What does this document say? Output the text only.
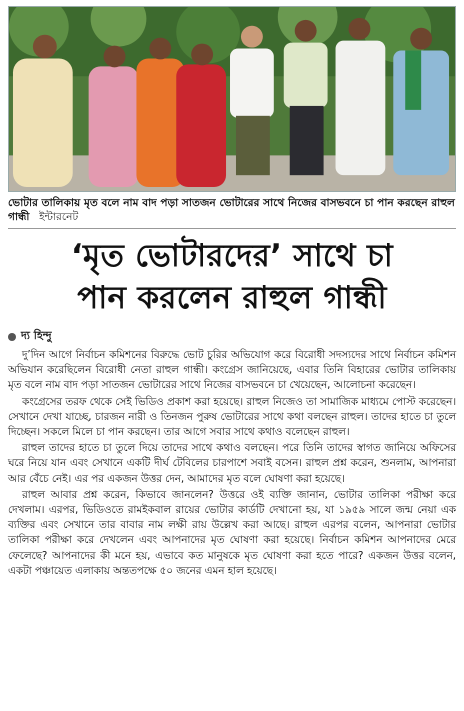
ভোটার তালিকায় মৃত বলে নাম বাদ পড়া সাতজন ভোটারের সাথে নিজের বাসভবনে চা পান করছেন রাহুল গান্ধী ইন্টারনেট
‘মৃত ভোটারদের’ সাথে চা
পান করলেন রাহুল গান্ধী
দ্য হিন্দু

দু’দিন আগে নির্বাচন কমিশনের বিরুদ্ধে ভোট চুরির অভিযোগ করে বিরোধী সদস্যদের সাথে নির্বাচন কমিশন অভিযান করেছিলেন বিরোধী নেতা রাহুল গান্ধী। কংগ্রেস জানিয়েছে, এবার তিনি বিহারের ভোটার তালিকায় মৃত বলে নাম বাদ পড়া সাতজন ভোটারের সাথে নিজের বাসভবনে চা খেয়েছেন, আলোচনা করেছেন।

কংগ্রেসের তরফ থেকে সেই ভিডিও প্রকাশ করা হয়েছে। রাহুল নিজেও তা সামাজিক মাধ্যমে পোস্ট করেছেন। সেখানে দেখা যাচ্ছে, চারজন নারী ও তিনজন পুরুষ ভোটারের সাথে কথা বলছেন রাহুল। তাদের হাতে চা তুলে দিচ্ছেন। সকলে মিলে চা পান করছেন। তার আগে সবার সাথে কথাও বলেছেন রাহুল।

রাহুল তাদের হাতে চা তুলে দিয়ে তাদের সাথে কথাও বলছেন। পরে তিনি তাদের স্বাগত জানিয়ে অফিসের ঘরে নিয়ে যান এবং সেখানে একটি দীর্ঘ টেবিলের চারপাশে সবাই বসেন। রাহুল প্রশ্ন করেন, শুনলাম, আপনারা আর বেঁচে নেই। এর পর একজন উত্তর দেন, আমাদের মৃত বলে ঘোষণা করা হয়েছে।

রাহুল আবার প্রশ্ন করেন, কিভাবে জানলেন? উত্তরে ওই ব্যক্তি জানান, ভোটার তালিকা পরীক্ষা করে দেখলাম। এরপর, ভিডিওতে রামইকবাল রায়ের ভোটার কার্ডটি দেখানো হয়, যা ১৯৫৯ সালে জন্ম নেয়া এক ব্যক্তির এবং সেখানে তার বাবার নাম লক্ষী রায় উল্লেখ করা আছে। রাহুল এরপর বলেন, আপনারা ভোটার তালিকা পরীক্ষা করে দেখলেন এবং আপনাদের মৃত ঘোষণা করা হয়েছে। নির্বাচন কমিশন আপনাদের মেরে ফেলেছে? আপনাদের কী মনে হয়, এভাবে কত মানুষকে মৃত ঘোষণা করা হতে পারে? একজন উত্তর বলেন, একটা পঞ্চায়েত এলাকায় অন্ততপক্ষে ৫০ জনের এমন হাল হয়েছে।
